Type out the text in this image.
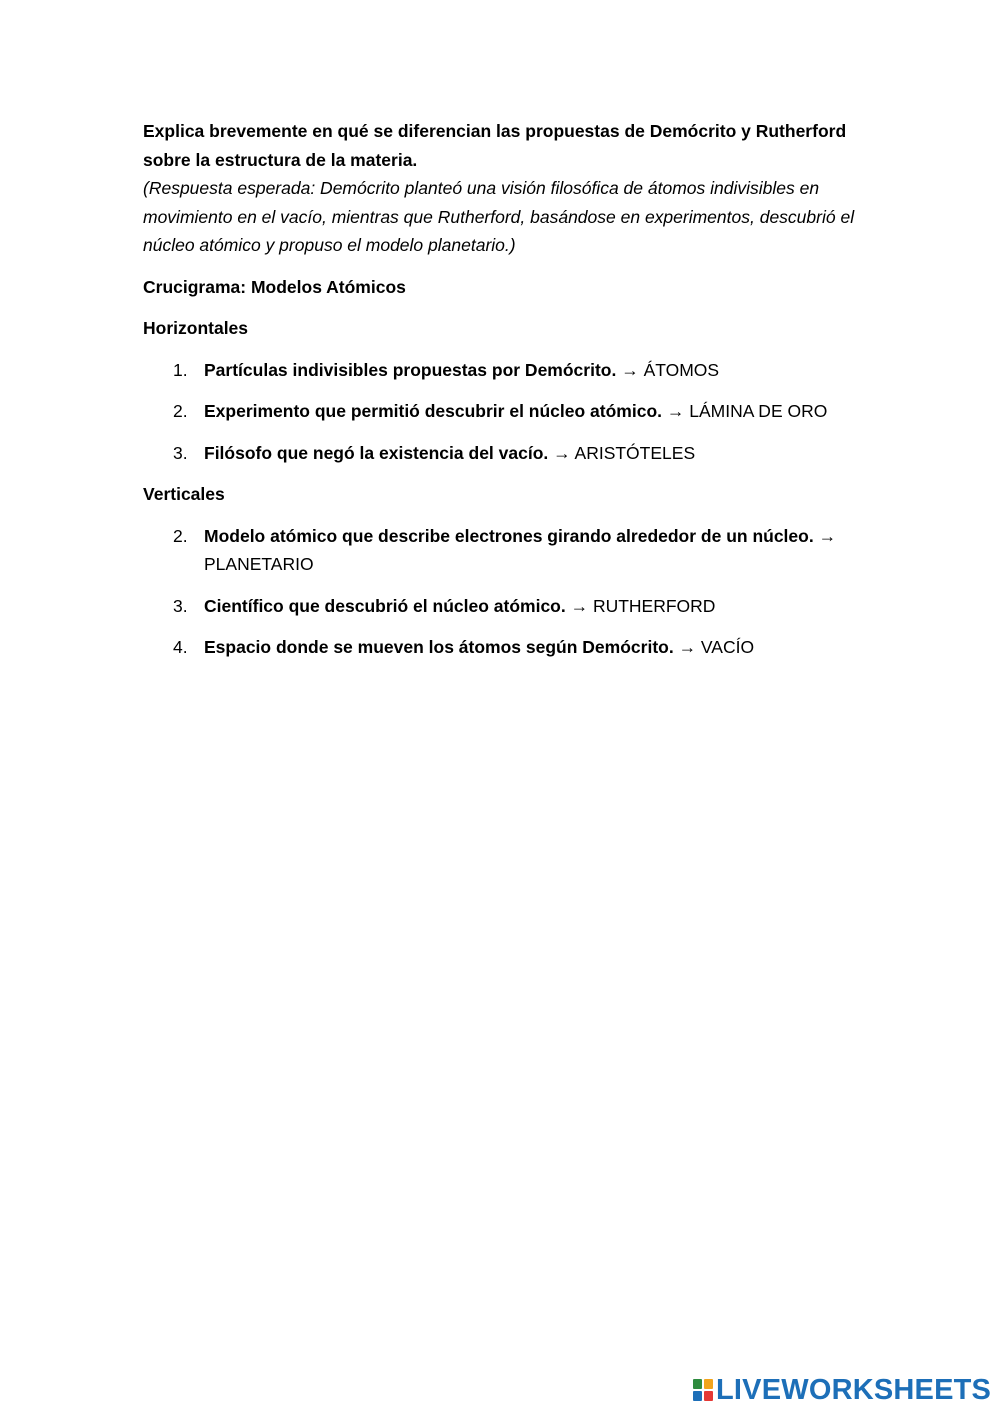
Explica brevemente en qué se diferencian las propuestas de Demócrito y Rutherford sobre la estructura de la materia.

(Respuesta esperada: Demócrito planteó una visión filosófica de átomos indivisibles en movimiento en el vacío, mientras que Rutherford, basándose en experimentos, descubrió el núcleo atómico y propuso el modelo planetario.)

Crucigrama: Modelos Atómicos

Horizontales

1. Partículas indivisibles propuestas por Demócrito. → ÁTOMOS
2. Experimento que permitió descubrir el núcleo atómico. → LÁMINA DE ORO
3. Filósofo que negó la existencia del vacío. → ARISTÓTELES

Verticales

2. Modelo atómico que describe electrones girando alrededor de un núcleo. → PLANETARIO
3. Científico que descubrió el núcleo atómico. → RUTHERFORD
4. Espacio donde se mueven los átomos según Demócrito. → VACÍO
LIVEWORKSHEETS
